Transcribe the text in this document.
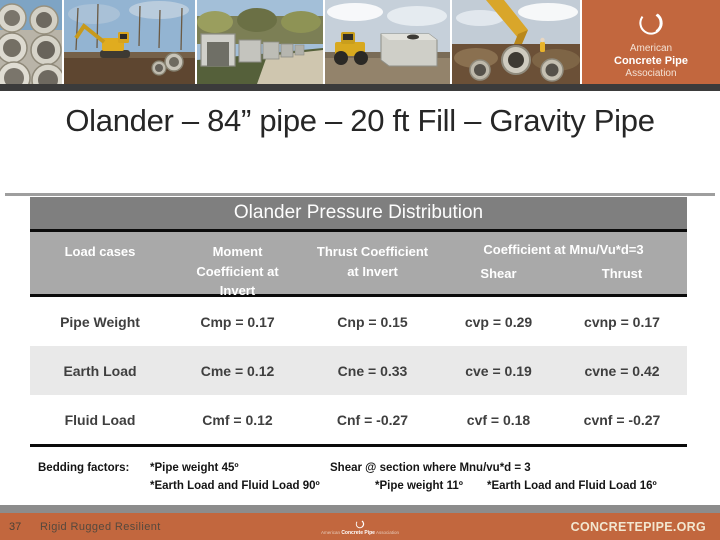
American
Concrete Pipe
Association
Olander – 84” pipe – 20 ft Fill – Gravity Pipe
Olander Pressure Distribution
Load cases	Moment Coefficient at Invert
Thrust Coefficient at Invert
Coefficient at Mnu/Vu*d=3
Shear	Thrust
Pipe Weight	Cmp = 0.17	Cnp = 0.15	cvp = 0.29	cvnp = 0.17
Earth Load	Cme = 0.12	Cne = 0.33	cve = 0.19	cvne = 0.42
Fluid Load	Cmf = 0.12	Cnf = -0.27	cvf = 0.18	cvnf = -0.27
Bedding factors: *Pipe weight 45º	Shear @ section where Mnu/vu*d = 3
*Earth Load and Fluid Load 90º	*Pipe weight 11º *Earth Load and Fluid Load 16º
37 Rigid Rugged Resilient	American Concrete Pipe Association	CONCRETEPIPE.ORG
